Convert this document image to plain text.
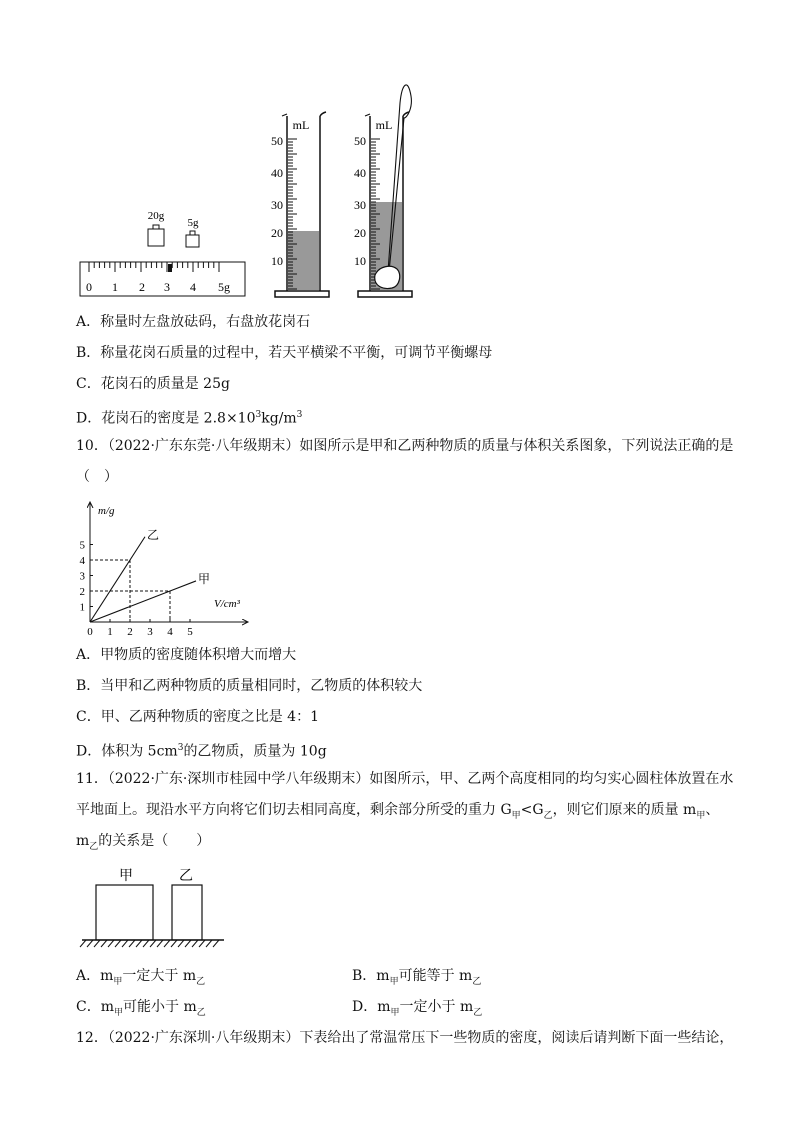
20g
5g
0 1 2 3 4 5g
mL
50
40
30
20
10
mL
50
40
30
20
10
A．称量时左盘放砝码，右盘放花岗石
B．称量花岗石质量的过程中，若天平横梁不平衡，可调节平衡螺母
C．花岗石的质量是 25g
D．花岗石的密度是 $2.8\times 10^3kg/m^3$
10．（2022·广东东莞·八年级期末）如图所示是甲和乙两种物质的质量与体积关系图象，下列说法正确的是
（　）
m/g
V/cm³
0 1 2 3 4 5
1
2
3
4
5
乙
甲
A．甲物质的密度随体积增大而增大
B．当甲和乙两种物质的质量相同时，乙物质的体积较大
C．甲、乙两种物质的密度之比是 4：1
D．体积为 $5cm^3$的乙物质，质量为 10g
11．（2022·广东·深圳市桂园中学八年级期末）如图所示，甲、乙两个高度相同的均匀实心圆柱体放置在水
平地面上。现沿水平方向将它们切去相同高度，剩余部分所受的重力 $G_甲<G_乙$，则它们原来的质量 $m_甲$、
$m_乙$的关系是（　　）
甲	乙
A．$m_甲$一定大于 $m_乙$	B．$m_甲$可能等于 $m_乙$
C．$m_甲$可能小于 $m_乙$	D．$m_甲$一定小于 $m_乙$
12．（2022·广东深圳·八年级期末）下表给出了常温常压下一些物质的密度，阅读后请判断下面一些结论，
